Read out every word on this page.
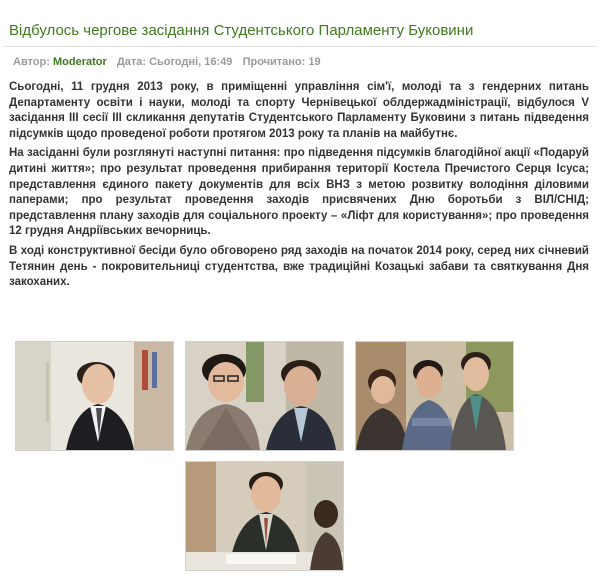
Відбулось чергове засідання Студентського Парламенту Буковини
Автор: Moderator Дата: Сьогодні, 16:49 Прочитано: 19

Сьогодні, 11 грудня 2013 року, в приміщенні управління сім'ї, молоді та з гендерних питань Департаменту освіти і науки, молоді та спорту Чернівецької облдержадміністрації, відбулося V засідання III сесії III скликання депутатів Студентського Парламенту Буковини з питань підведення підсумків щодо проведеної роботи протягом 2013 року та планів на майбутнє.

На засіданні були розглянуті наступні питання: про підведення підсумків благодійної акції «Подаруй дитині життя»; про результат проведення прибирання території Костела Пречистого Серця Ісуса; представлення єдиного пакету документів для всіх ВНЗ з метою розвитку володіння діловими паперами; про результат проведення заходів присвячених Дню боротьби з ВІЛ/СНІД; представлення плану заходів для соціального проекту – «Ліфт для користування»; про проведення 12 грудня Андріївських вечорниць.

В ході конструктивної бесіди було обговорено ряд заходів на початок 2014 року, серед них січневий Тетянин день - покровительниці студентства, вже традиційні Козацькі забави та святкування Дня закоханих.
